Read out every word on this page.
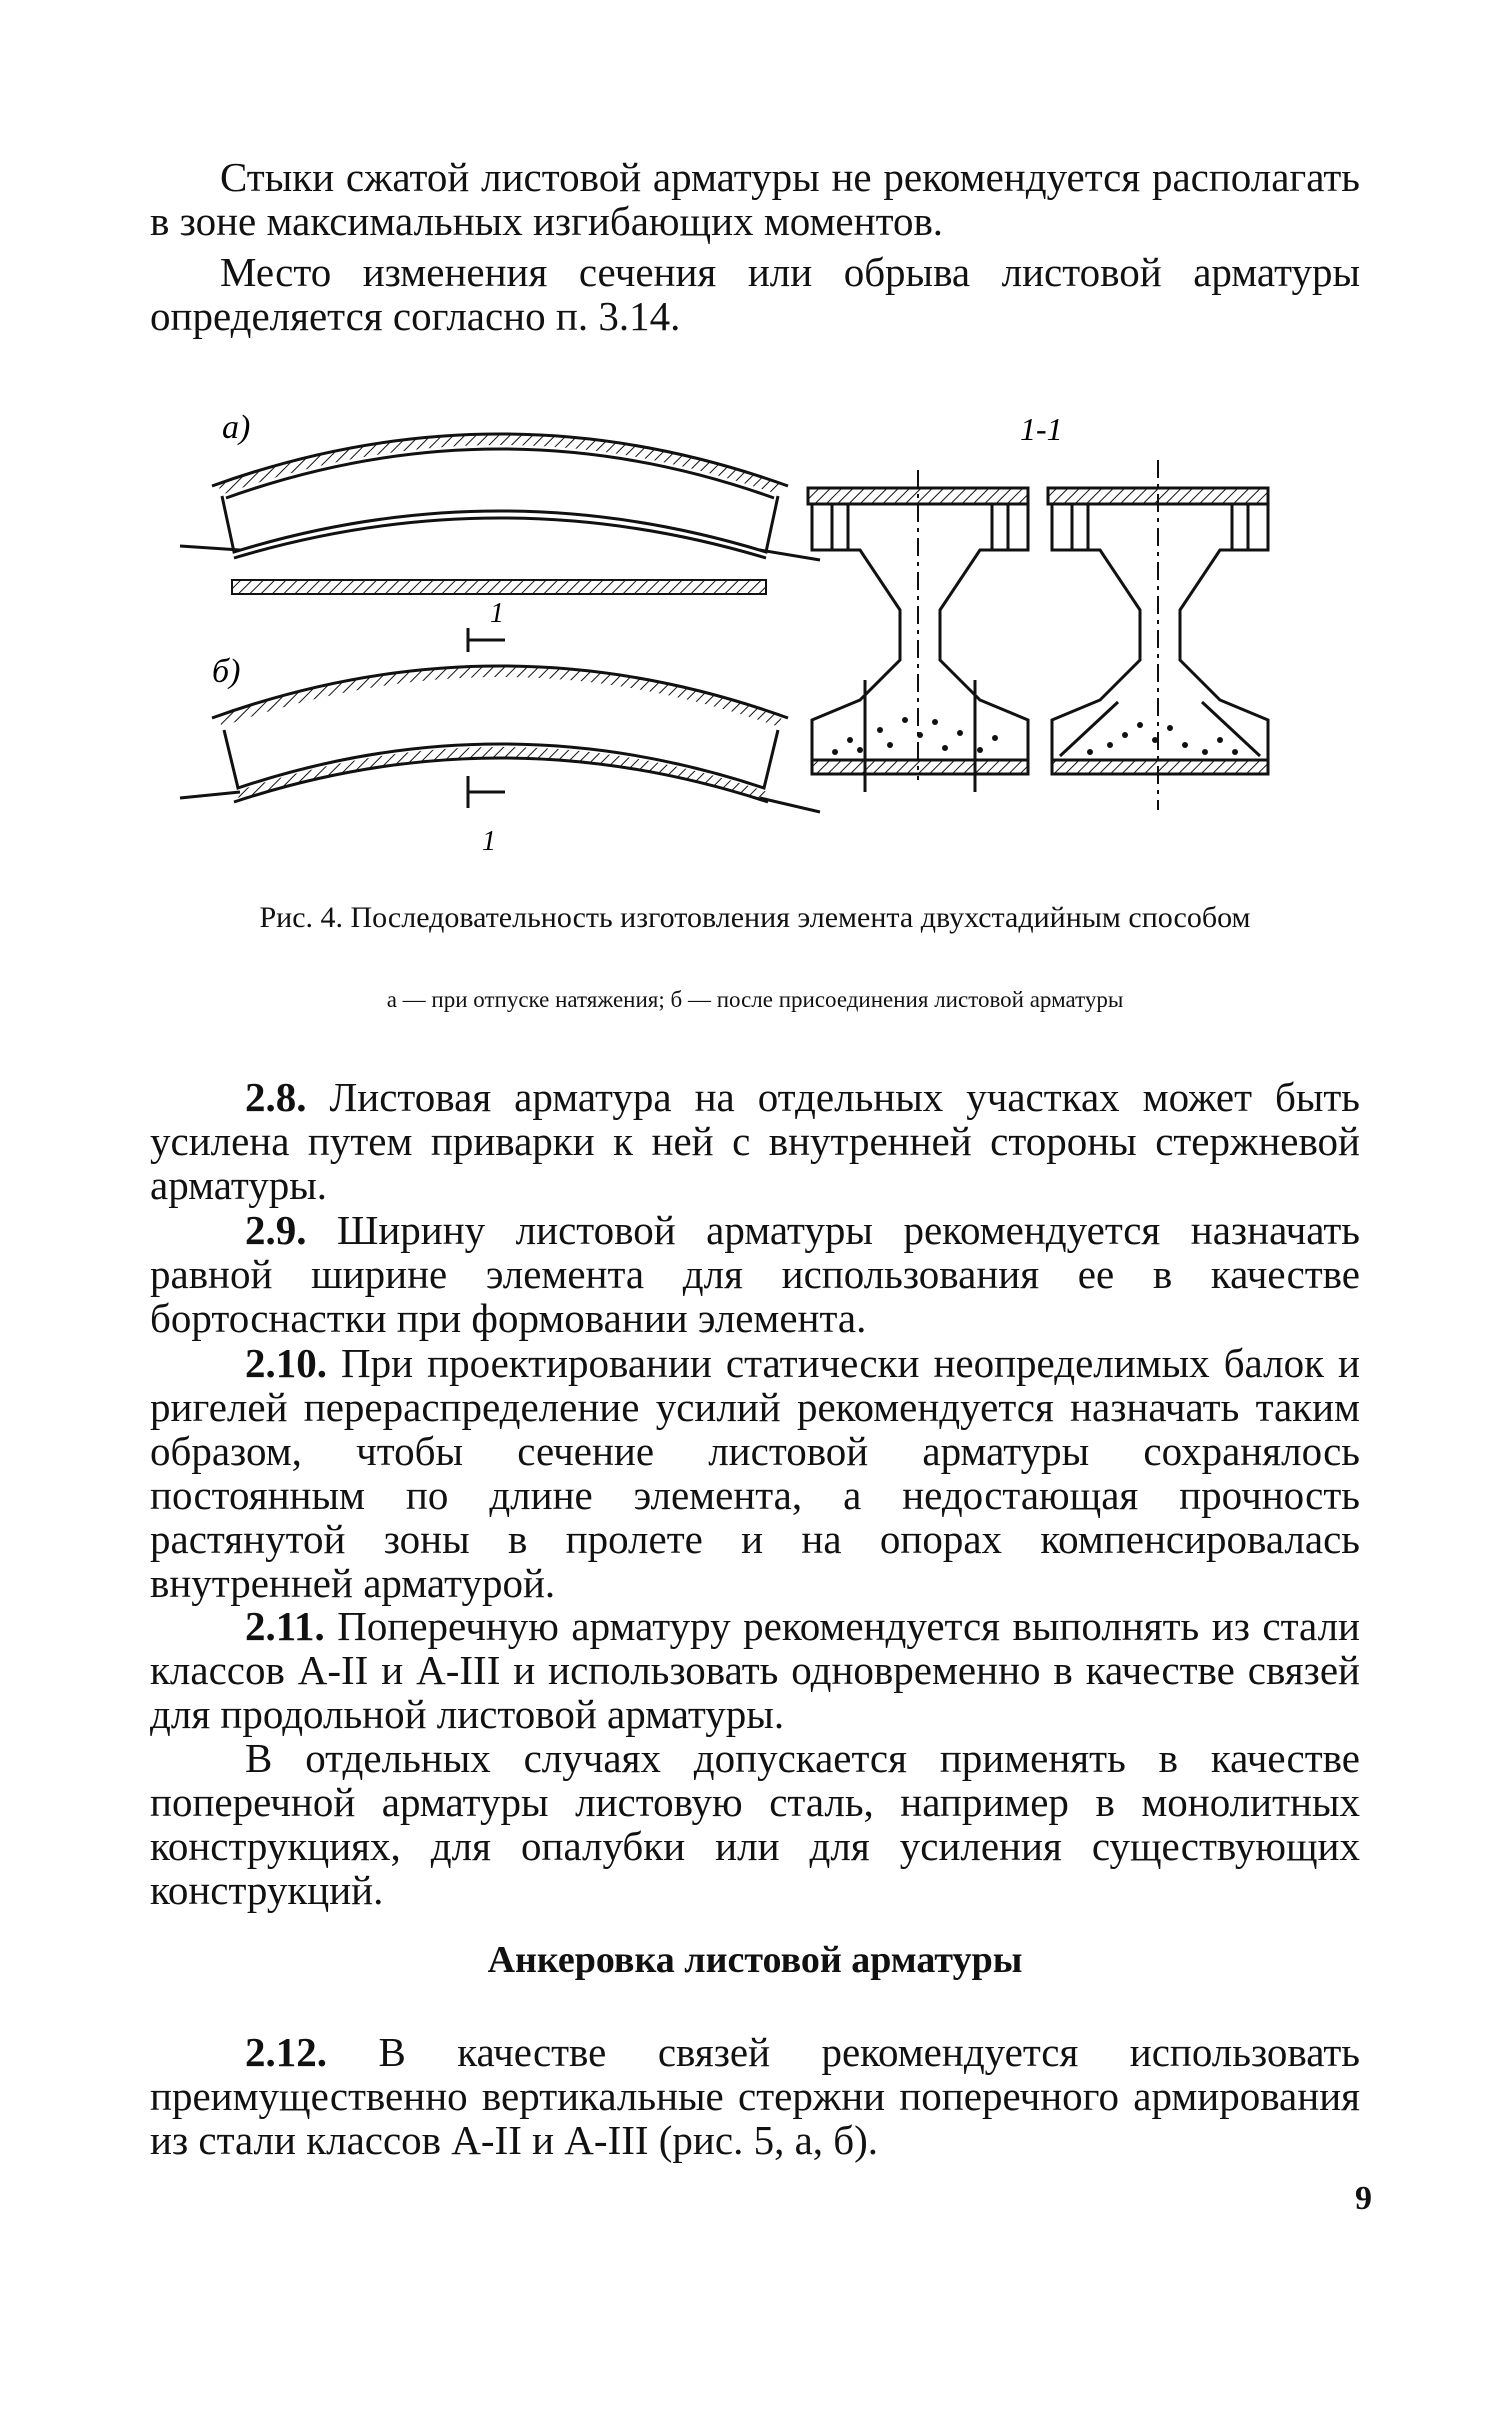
Стыки сжатой листовой арматуры не рекомендуется располагать в зоне максимальных изгибающих моментов.

Место изменения сечения или обрыва листовой арматуры определяется согласно п. 3.14.

а)
1
1
б)
1-1

Рис. 4. Последовательность изготовления элемента двухстадийным способом

а — при отпуске натяжения; б — после присоединения листовой арматуры

2.8. Листовая арматура на отдельных участках может быть усилена путем приварки к ней с внутренней стороны стержневой арматуры.

2.9. Ширину листовой арматуры рекомендуется назначать равной ширине элемента для использования ее в качестве бортоснастки при формовании элемента.

2.10. При проектировании статически неопределимых балок и ригелей перераспределение усилий рекомендуется назначать таким образом, чтобы сечение листовой арматуры сохранялось постоянным по длине элемента, а недостающая прочность растянутой зоны в пролете и на опорах компенсировалась внутренней арматурой.

2.11. Поперечную арматуру рекомендуется выполнять из стали классов А-II и А-III и использовать одновременно в качестве связей для продольной листовой арматуры.

В отдельных случаях допускается применять в качестве поперечной арматуры листовую сталь, например в монолитных конструкциях, для опалубки или для усиления существующих конструкций.

Анкеровка листовой арматуры

2.12. В качестве связей рекомендуется использовать преимущественно вертикальные стержни поперечного армирования из стали классов А-II и А-III (рис. 5, а, б).

9
